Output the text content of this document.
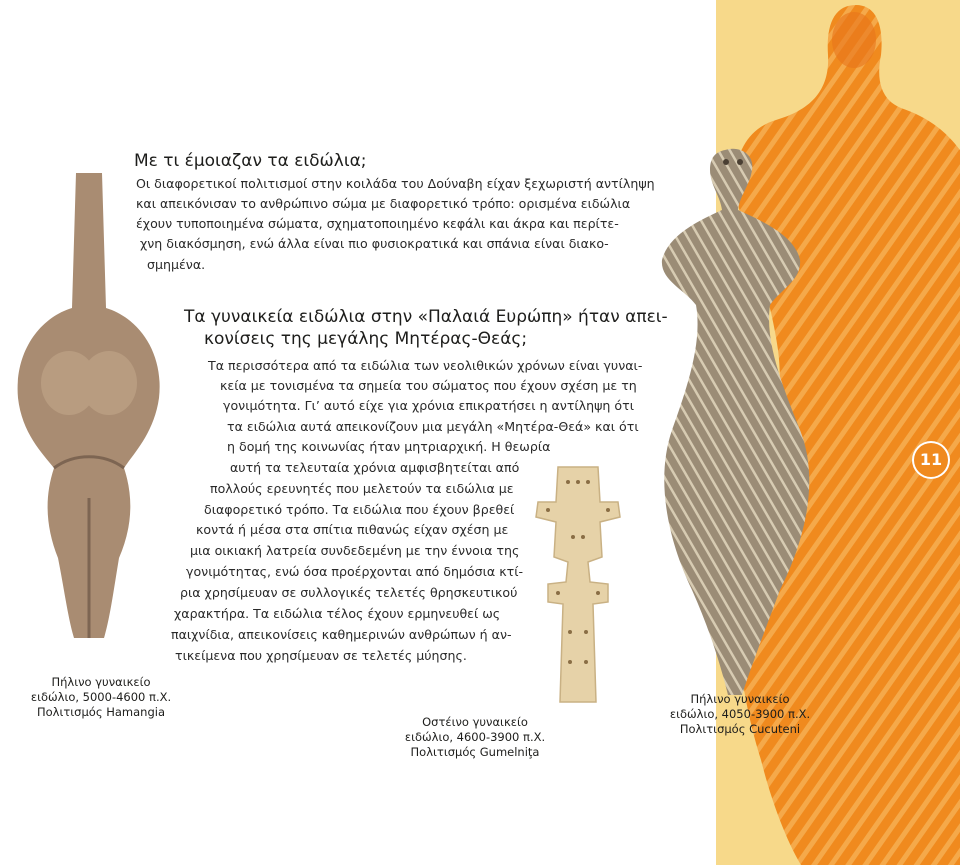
Με τι έμοιαζαν τα ειδώλια;
Οι διαφορετικοί πολιτισμοί στην κοιλάδα του Δούναβη είχαν ξεχωριστή αντίληψη
και απεικόνισαν το ανθρώπινο σώμα με διαφορετικό τρόπο: ορισμένα ειδώλια
έχουν τυποποιημένα σώματα, σχηματοποιημένο κεφάλι και άκρα και περίτε-
χνη διακόσμηση, ενώ άλλα είναι πιο φυσιοκρατικά και σπάνια είναι διακο-
σμημένα.
Τα γυναικεία ειδώλια στην «Παλαιά Ευρώπη» ήταν απει-
κονίσεις της μεγάλης Μητέρας-Θεάς;
Τα περισσότερα από τα ειδώλια των νεολιθικών χρόνων είναι γυναι-
κεία με τονισμένα τα σημεία του σώματος που έχουν σχέση με τη
γονιμότητα. Γι’ αυτό είχε για χρόνια επικρατήσει η αντίληψη ότι
τα ειδώλια αυτά απεικονίζουν μια μεγάλη «Μητέρα-Θεά» και ότι
η δομή της κοινωνίας ήταν μητριαρχική. Η θεωρία
αυτή τα τελευταία χρόνια αμφισβητείται από
πολλούς ερευνητές που μελετούν τα ειδώλια με
διαφορετικό τρόπο. Τα ειδώλια που έχουν βρεθεί
κοντά ή μέσα στα σπίτια πιθανώς είχαν σχέση με
μια οικιακή λατρεία συνδεδεμένη με την έννοια της
γονιμότητας, ενώ όσα προέρχονται από δημόσια κτί-
ρια χρησίμευαν σε συλλογικές τελετές θρησκευτικού
χαρακτήρα. Τα ειδώλια τέλος έχουν ερμηνευθεί ως
παιχνίδια, απεικονίσεις καθημερινών ανθρώπων ή αν-
τικείμενα που χρησίμευαν σε τελετές μύησης.
Πήλινο γυναικείο
ειδώλιο, 5000-4600 π.Χ.
Πολιτισμός Hamangia
Οστέινο γυναικείο
ειδώλιο, 4600-3900 π.Χ.
Πολιτισμός Gumelniţa
Πήλινο γυναικείο
ειδώλιο, 4050-3900 π.Χ.
Πολιτισμός Cucuteni
11
